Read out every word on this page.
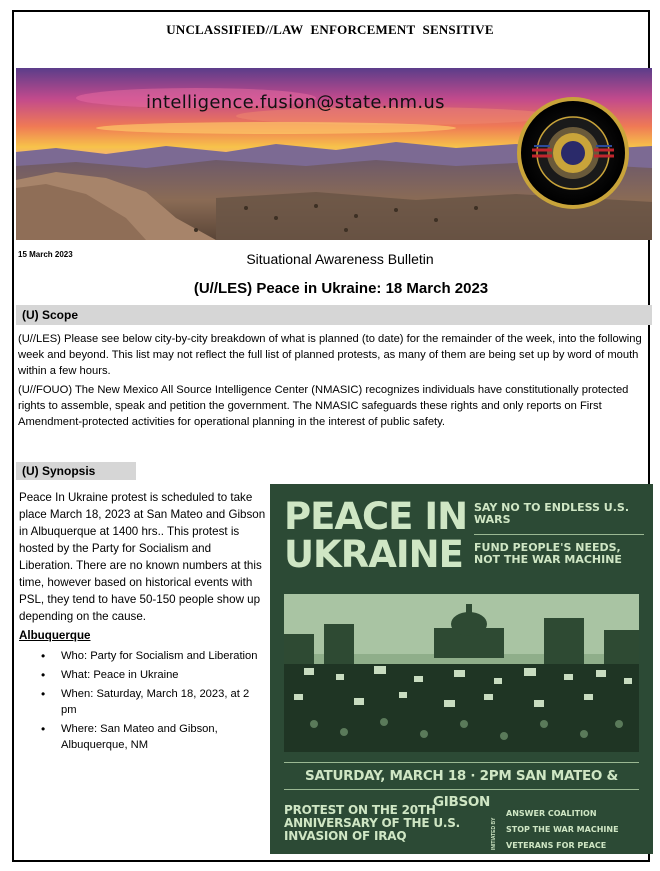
UNCLASSIFIED//LAW ENFORCEMENT SENSITIVE
intelligence.fusion@state.nm.us
15 March 2023	Situational Awareness Bulletin
(U//LES) Peace in Ukraine: 18 March 2023
(U) Scope
(U//LES) Please see below city-by-city breakdown of what is planned (to date) for the remainder of the week, into the following week and beyond. This list may not reflect the full list of planned protests, as many of them are being set up by word of mouth within a few hours.
(U//FOUO) The New Mexico All Source Intelligence Center (NMASIC) recognizes individuals have constitutionally protected rights to assemble, speak and petition the government. The NMASIC safeguards these rights and only reports on First Amendment-protected activities for operational planning in the interest of public safety.
(U) Synopsis
Peace In Ukraine protest is scheduled to take place March 18, 2023 at San Mateo and Gibson in Albuquerque at 1400 hrs.. This protest is hosted by the Party for Socialism and Liberation. There are no known numbers at this time, however based on historical events with PSL, they tend to have 50-150 people show up depending on the cause.
Albuquerque
• Who: Party for Socialism and Liberation
• What: Peace in Ukraine
• When: Saturday, March 18, 2023, at 2 pm
• Where: San Mateo and Gibson, Albuquerque, NM
PEACE IN
UKRAINE
SAY NO TO ENDLESS U.S. WARS
FUND PEOPLE'S NEEDS, NOT THE WAR MACHINE
SATURDAY, MARCH 18 · 2PM SAN MATEO & GIBSON
PROTEST ON THE 20TH ANNIVERSARY OF THE U.S. INVASION OF IRAQ	INITIATED BY
ANSWER COALITION
STOP THE WAR MACHINE
VETERANS FOR PEACE
